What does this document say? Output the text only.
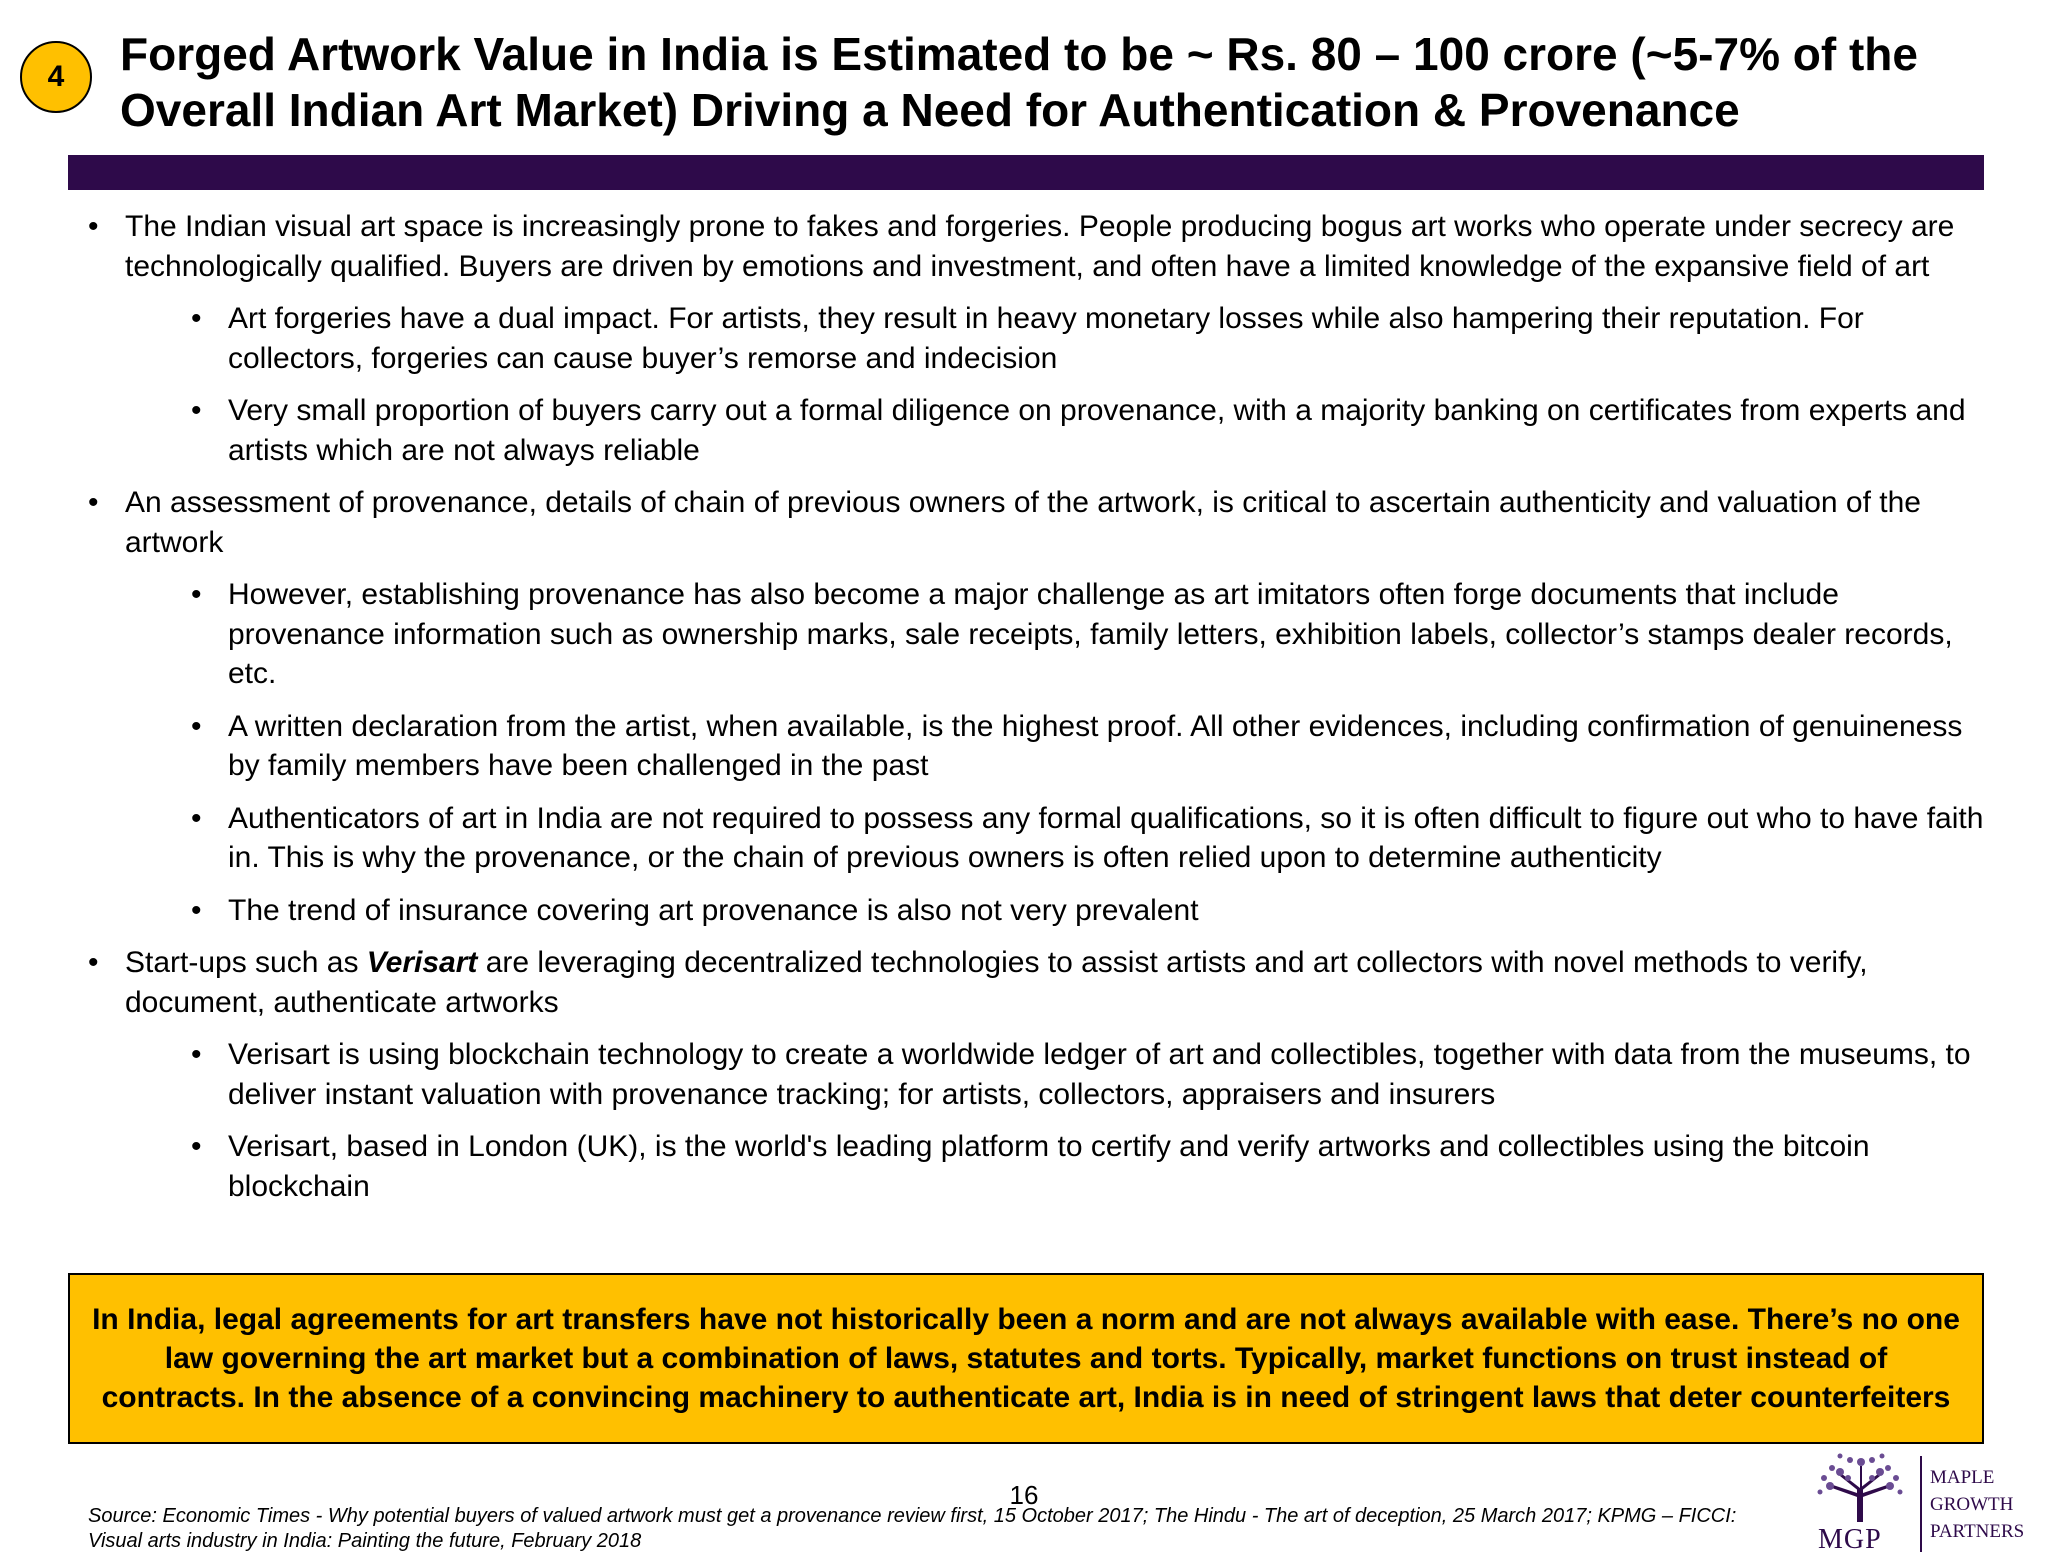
4	Forged Artwork Value in India is Estimated to be ~ Rs. 80 – 100 crore (~5-7% of the Overall Indian Art Market) Driving a Need for Authentication & Provenance
• The Indian visual art space is increasingly prone to fakes and forgeries. People producing bogus art works who operate under secrecy are technologically qualified. Buyers are driven by emotions and investment, and often have a limited knowledge of the expansive field of art
• Art forgeries have a dual impact. For artists, they result in heavy monetary losses while also hampering their reputation. For collectors, forgeries can cause buyer’s remorse and indecision
• Very small proportion of buyers carry out a formal diligence on provenance, with a majority banking on certificates from experts and artists which are not always reliable
• An assessment of provenance, details of chain of previous owners of the artwork, is critical to ascertain authenticity and valuation of the artwork
• However, establishing provenance has also become a major challenge as art imitators often forge documents that include provenance information such as ownership marks, sale receipts, family letters, exhibition labels, collector’s stamps dealer records, etc.
• A written declaration from the artist, when available, is the highest proof. All other evidences, including confirmation of genuineness by family members have been challenged in the past
• Authenticators of art in India are not required to possess any formal qualifications, so it is often difficult to figure out who to have faith in. This is why the provenance, or the chain of previous owners is often relied upon to determine authenticity
• The trend of insurance covering art provenance is also not very prevalent
• Start-ups such as Verisart are leveraging decentralized technologies to assist artists and art collectors with novel methods to verify, document, authenticate artworks
• Verisart is using blockchain technology to create a worldwide ledger of art and collectibles, together with data from the museums, to deliver instant valuation with provenance tracking; for artists, collectors, appraisers and insurers
• Verisart, based in London (UK), is the world's leading platform to certify and verify artworks and collectibles using the bitcoin blockchain
In India, legal agreements for art transfers have not historically been a norm and are not always available with ease. There’s no one law governing the art market but a combination of laws, statutes and torts. Typically, market functions on trust instead of contracts. In the absence of a convincing machinery to authenticate art, India is in need of stringent laws that deter counterfeiters
16
Source: Economic Times - Why potential buyers of valued artwork must get a provenance review first, 15 October 2017; The Hindu - The art of deception, 25 March 2017; KPMG – FICCI: Visual arts industry in India: Painting the future, February 2018	MGP
MAPLE
GROWTH
PARTNERS
